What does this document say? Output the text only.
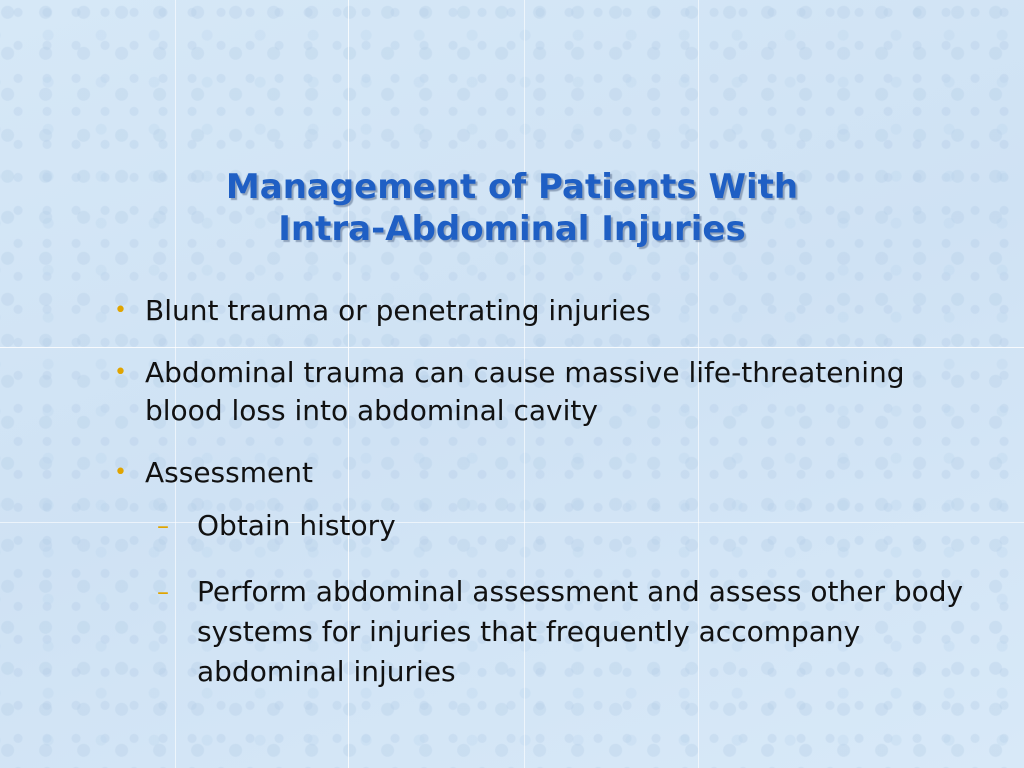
Management of Patients With
Intra-Abdominal Injuries
• Blunt trauma or penetrating injuries
• Abdominal trauma can cause massive life-threatening blood loss into abdominal cavity
• Assessment
– Obtain history
– Perform abdominal assessment and assess other body systems for injuries that frequently accompany abdominal injuries
